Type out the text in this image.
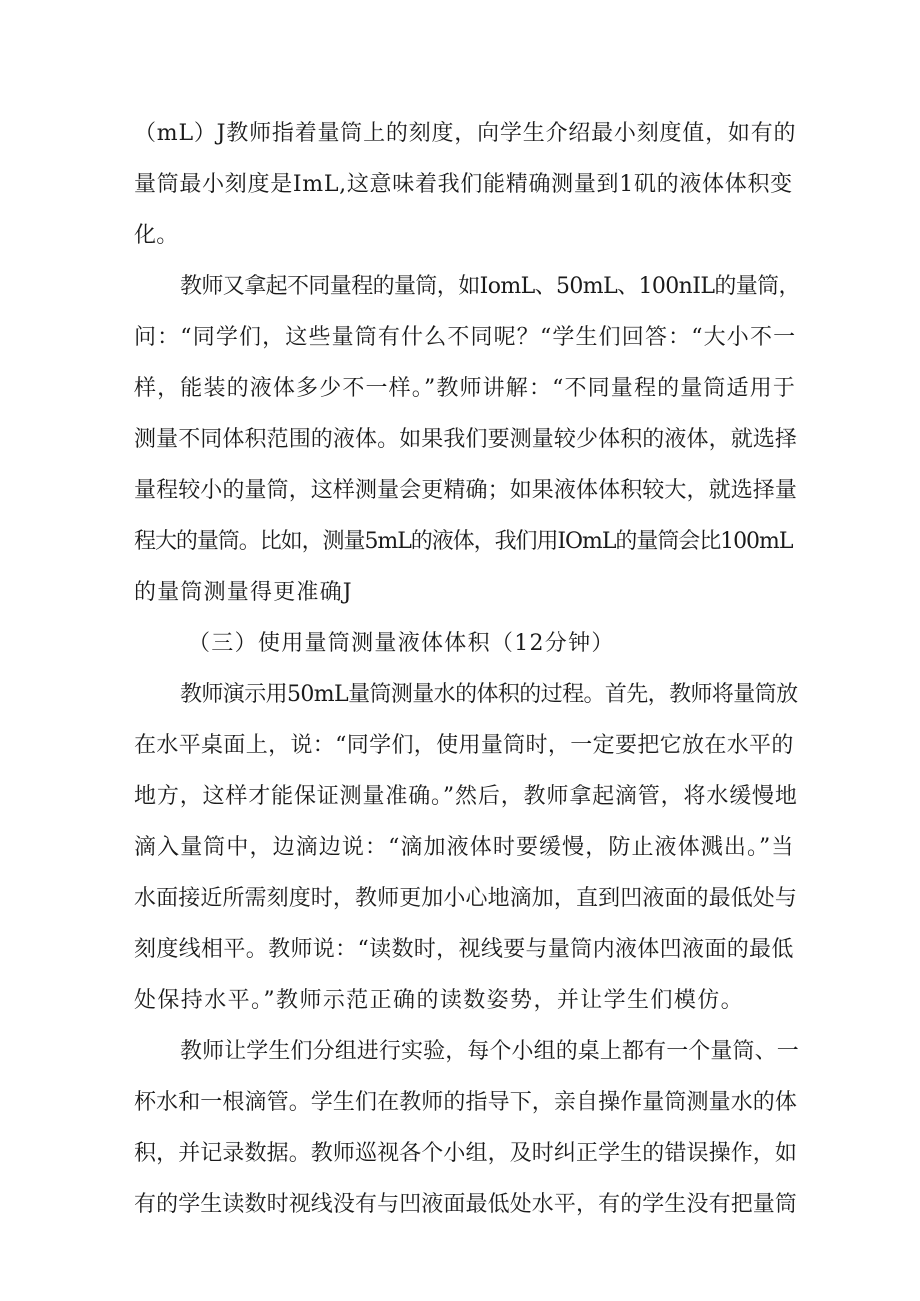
（mL）J教师指着量筒上的刻度，向学生介绍最小刻度值，如有的
量筒最小刻度是ImL,这意味着我们能精确测量到1矶的液体体积变
化。
教师又拿起不同量程的量筒，如IomL、50mL、100nIL的量筒，
问：“同学们，这些量筒有什么不同呢？“学生们回答：“大小不一
样，能装的液体多少不一样。”教师讲解：“不同量程的量筒适用于
测量不同体积范围的液体。如果我们要测量较少体积的液体，就选择
量程较小的量筒，这样测量会更精确；如果液体体积较大，就选择量
程大的量筒。比如，测量5mL的液体，我们用IOmL的量筒会比100mL
的量筒测量得更准确J
（三）使用量筒测量液体体积（12分钟）
教师演示用50mL量筒测量水的体积的过程。首先，教师将量筒放
在水平桌面上，说：“同学们，使用量筒时，一定要把它放在水平的
地方，这样才能保证测量准确。”然后，教师拿起滴管，将水缓慢地
滴入量筒中，边滴边说：“滴加液体时要缓慢，防止液体溅出。”当
水面接近所需刻度时，教师更加小心地滴加，直到凹液面的最低处与
刻度线相平。教师说：“读数时，视线要与量筒内液体凹液面的最低
处保持水平。”教师示范正确的读数姿势，并让学生们模仿。
教师让学生们分组进行实验，每个小组的桌上都有一个量筒、一
杯水和一根滴管。学生们在教师的指导下，亲自操作量筒测量水的体
积，并记录数据。教师巡视各个小组，及时纠正学生的错误操作，如
有的学生读数时视线没有与凹液面最低处水平，有的学生没有把量筒
